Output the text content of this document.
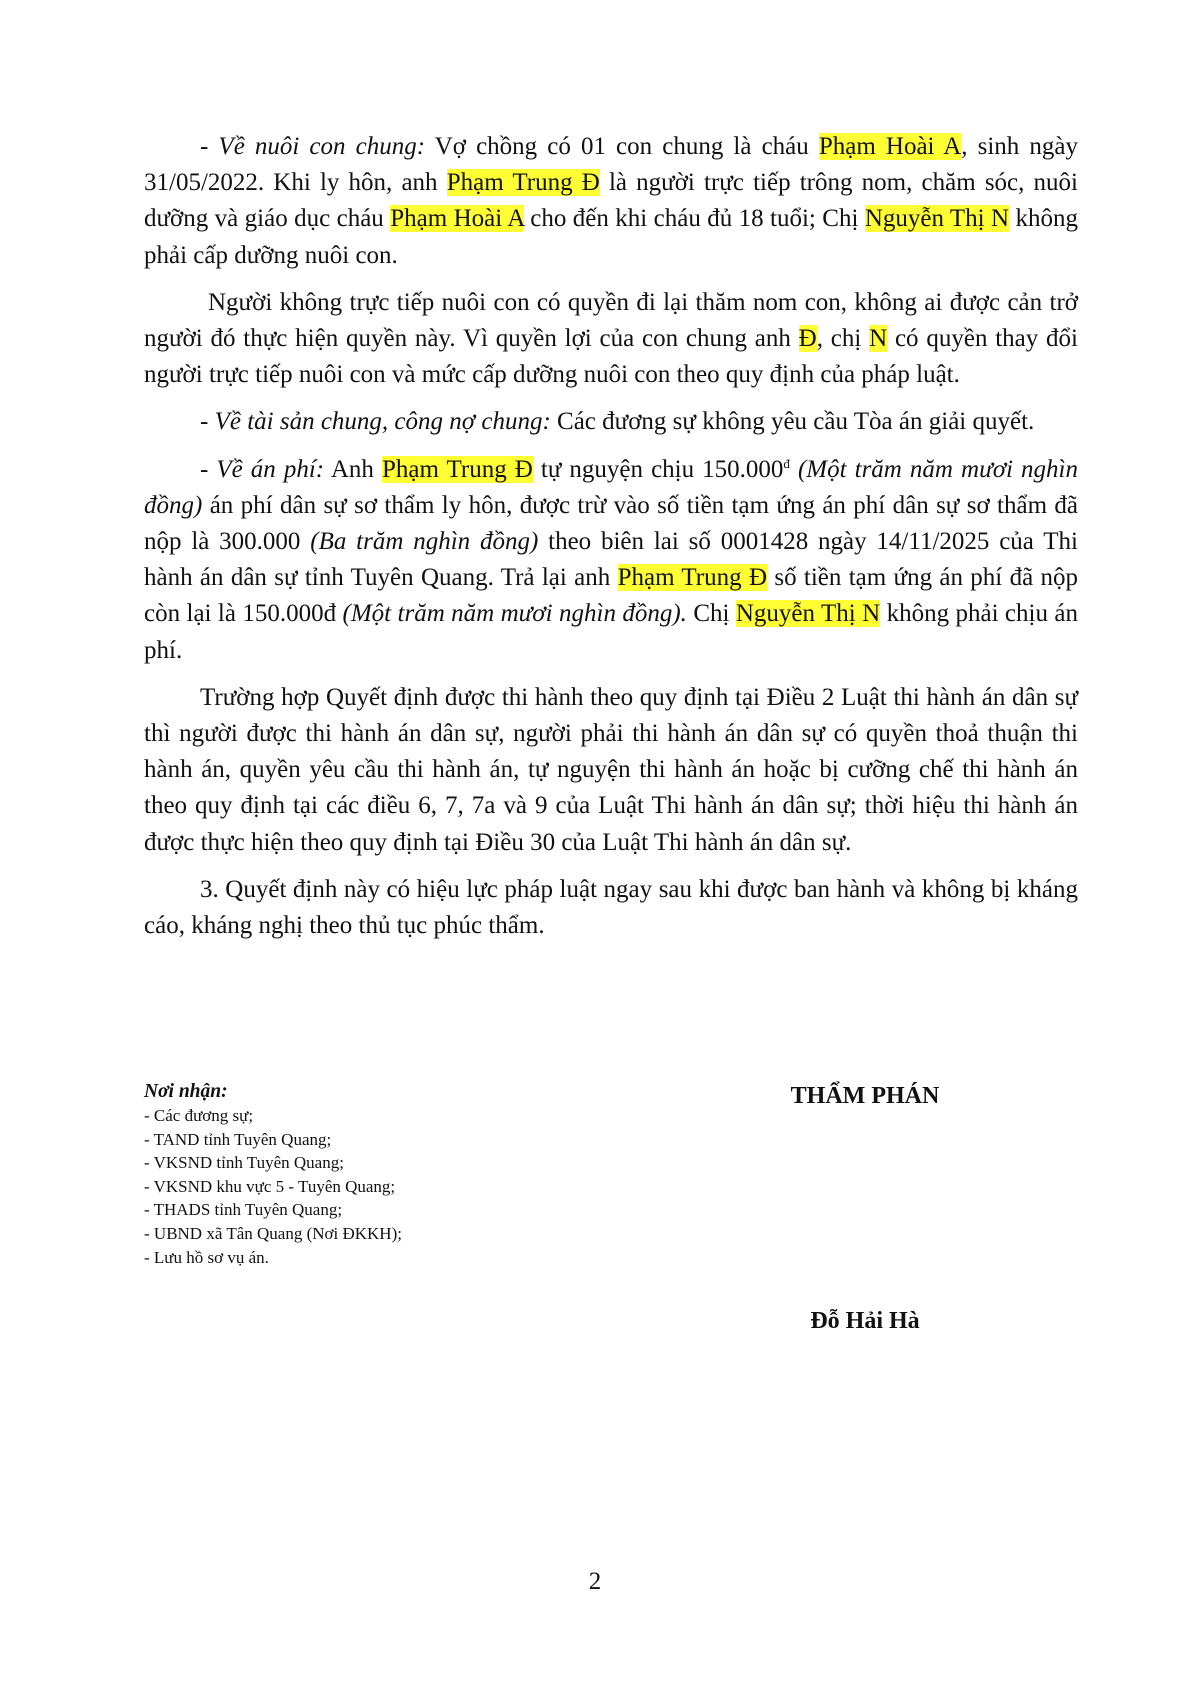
- Về nuôi con chung: Vợ chồng có 01 con chung là cháu Phạm Hoài A, sinh ngày 31/05/2022. Khi ly hôn, anh Phạm Trung Đ là người trực tiếp trông nom, chăm sóc, nuôi dưỡng và giáo dục cháu Phạm Hoài A cho đến khi cháu đủ 18 tuổi; Chị Nguyễn Thị N không phải cấp dưỡng nuôi con.

Người không trực tiếp nuôi con có quyền đi lại thăm nom con, không ai được cản trở người đó thực hiện quyền này. Vì quyền lợi của con chung anh Đ, chị N có quyền thay đổi người trực tiếp nuôi con và mức cấp dưỡng nuôi con theo quy định của pháp luật.

- Về tài sản chung, công nợ chung: Các đương sự không yêu cầu Tòa án giải quyết.

- Về án phí: Anh Phạm Trung Đ tự nguyện chịu $150.000^đ$ (Một trăm năm mươi nghìn đồng) án phí dân sự sơ thẩm ly hôn, được trừ vào số tiền tạm ứng án phí dân sự sơ thẩm đã nộp là 300.000 (Ba trăm nghìn đồng) theo biên lai số 0001428 ngày 14/11/2025 của Thi hành án dân sự tỉnh Tuyên Quang. Trả lại anh Phạm Trung Đ số tiền tạm ứng án phí đã nộp còn lại là 150.000đ (Một trăm năm mươi nghìn đồng). Chị Nguyễn Thị N không phải chịu án phí.

Trường hợp Quyết định được thi hành theo quy định tại Điều 2 Luật thi hành án dân sự thì người được thi hành án dân sự, người phải thi hành án dân sự có quyền thoả thuận thi hành án, quyền yêu cầu thi hành án, tự nguyện thi hành án hoặc bị cưỡng chế thi hành án theo quy định tại các điều 6, 7, 7a và 9 của Luật Thi hành án dân sự; thời hiệu thi hành án được thực hiện theo quy định tại Điều 30 của Luật Thi hành án dân sự.

3. Quyết định này có hiệu lực pháp luật ngay sau khi được ban hành và không bị kháng cáo, kháng nghị theo thủ tục phúc thẩm.

Nơi nhận:
- Các đương sự;
- TAND tỉnh Tuyên Quang;
- VKSND tỉnh Tuyên Quang;
- VKSND khu vực 5 - Tuyên Quang;
- THADS tỉnh Tuyên Quang;
- UBND xã Tân Quang (Nơi ĐKKH);
- Lưu hồ sơ vụ án.
THẨM PHÁN
Đỗ Hải Hà
2
